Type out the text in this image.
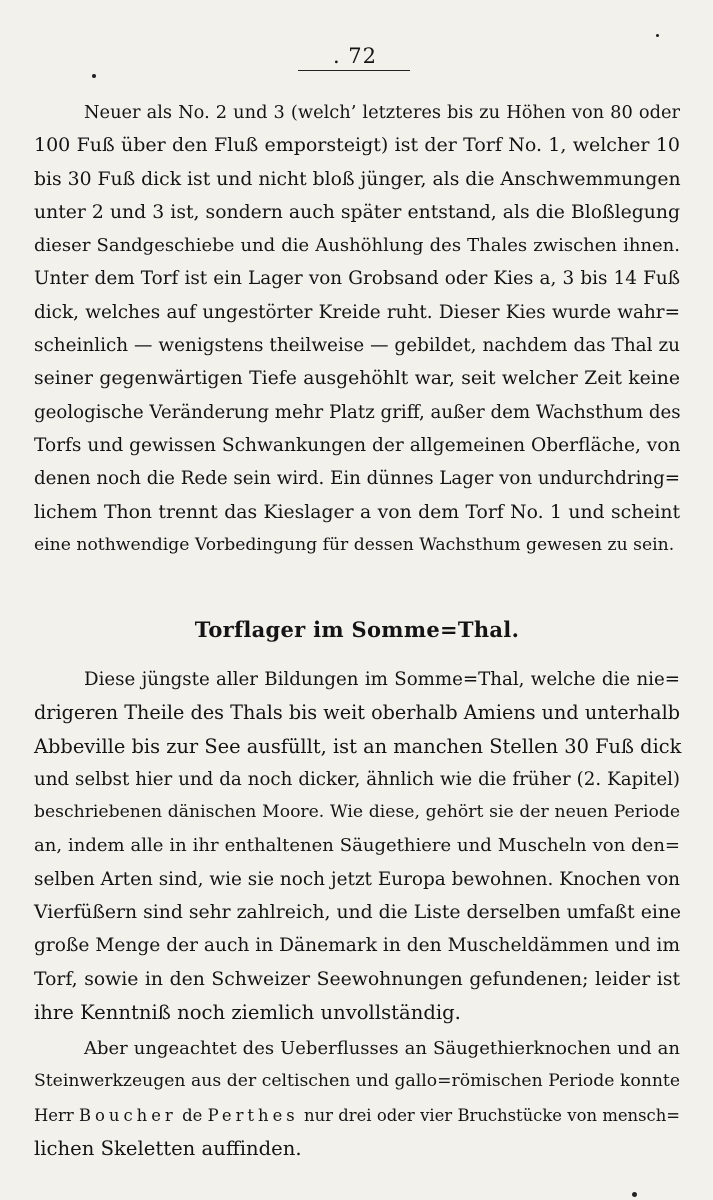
. 72
Neuer als No. 2 und 3 (welch’ letzteres bis zu Höhen von 80 oder
100 Fuß über den Fluß emporsteigt) ist der Torf No. 1, welcher 10
bis 30 Fuß dick ist und nicht bloß jünger, als die Anschwemmungen
unter 2 und 3 ist, sondern auch später entstand, als die Bloßlegung
dieser Sandgeschiebe und die Aushöhlung des Thales zwischen ihnen.
Unter dem Torf ist ein Lager von Grobsand oder Kies a, 3 bis 14 Fuß
dick, welches auf ungestörter Kreide ruht. Dieser Kies wurde wahr=
scheinlich — wenigstens theilweise — gebildet, nachdem das Thal zu
seiner gegenwärtigen Tiefe ausgehöhlt war, seit welcher Zeit keine
geologische Veränderung mehr Platz griff, außer dem Wachsthum des
Torfs und gewissen Schwankungen der allgemeinen Oberfläche, von
denen noch die Rede sein wird. Ein dünnes Lager von undurchdring=
lichem Thon trennt das Kieslager a von dem Torf No. 1 und scheint
eine nothwendige Vorbedingung für dessen Wachsthum gewesen zu sein.
Torflager im Somme=Thal.
Diese jüngste aller Bildungen im Somme=Thal, welche die nie=
drigeren Theile des Thals bis weit oberhalb Amiens und unterhalb
Abbeville bis zur See ausfüllt, ist an manchen Stellen 30 Fuß dick
und selbst hier und da noch dicker, ähnlich wie die früher (2. Kapitel)
beschriebenen dänischen Moore. Wie diese, gehört sie der neuen Periode
an, indem alle in ihr enthaltenen Säugethiere und Muscheln von den=
selben Arten sind, wie sie noch jetzt Europa bewohnen. Knochen von
Vierfüßern sind sehr zahlreich, und die Liste derselben umfaßt eine
große Menge der auch in Dänemark in den Muscheldämmen und im
Torf, sowie in den Schweizer Seewohnungen gefundenen; leider ist
ihre Kenntniß noch ziemlich unvollständig.
Aber ungeachtet des Ueberflusses an Säugethierknochen und an
Steinwerkzeugen aus der celtischen und gallo=römischen Periode konnte
Herr Boucher de Perthes nur drei oder vier Bruchstücke von mensch=
lichen Skeletten auffinden.
